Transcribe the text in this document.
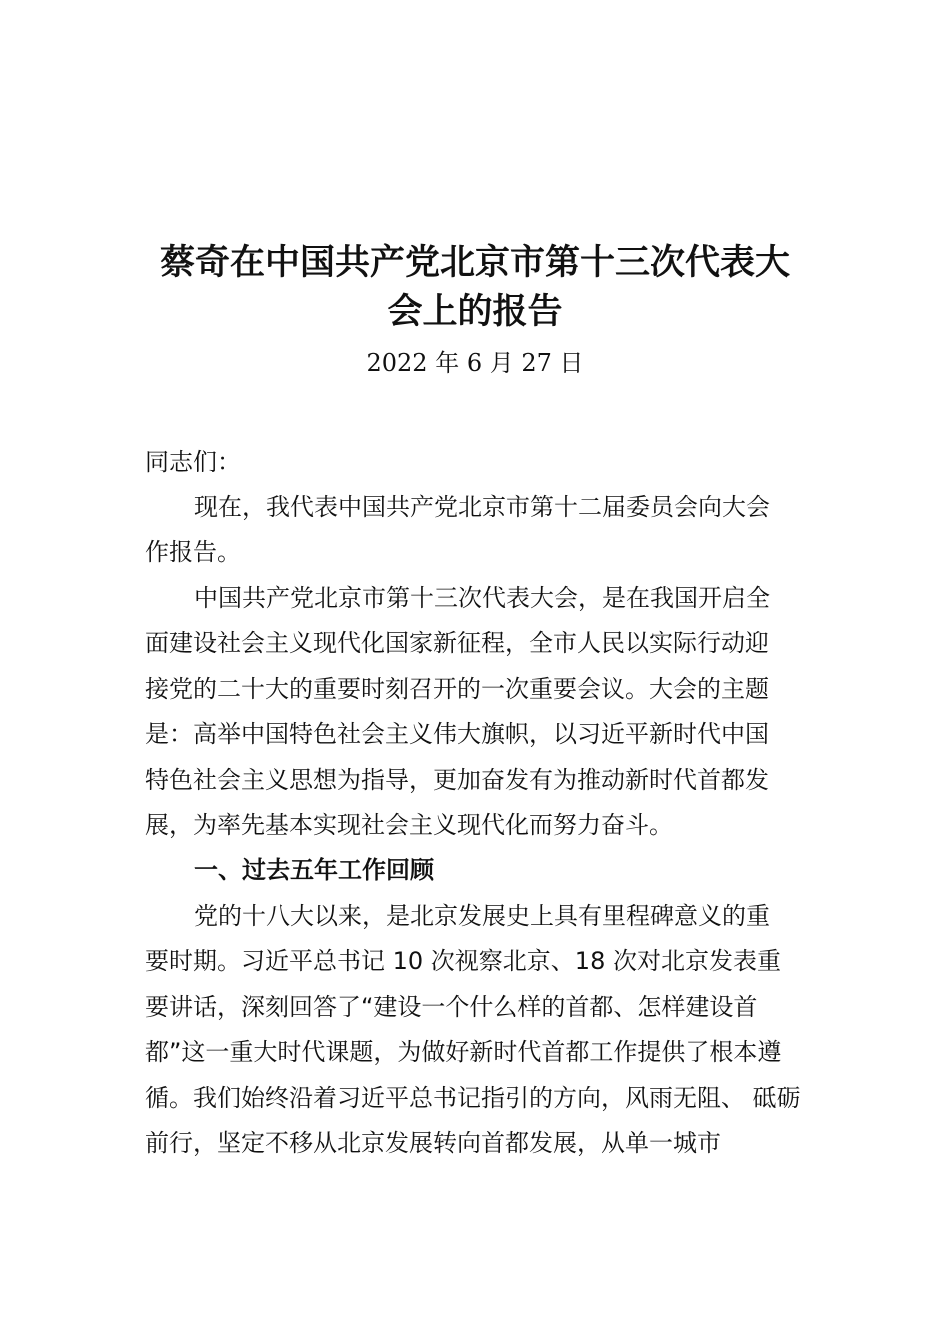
蔡奇在中国共产党北京市第十三次代表大
会上的报告
2022 年 6 月 27 日
同志们：
现在，我代表中国共产党北京市第十二届委员会向大会
作报告。
中国共产党北京市第十三次代表大会，是在我国开启全
面建设社会主义现代化国家新征程，全市人民以实际行动迎
接党的二十大的重要时刻召开的一次重要会议。大会的主题
是：高举中国特色社会主义伟大旗帜，以习近平新时代中国
特色社会主义思想为指导，更加奋发有为推动新时代首都发
展，为率先基本实现社会主义现代化而努力奋斗。
一、过去五年工作回顾
党的十八大以来，是北京发展史上具有里程碑意义的重
要时期。习近平总书记 10 次视察北京、18 次对北京发表重
要讲话，深刻回答了“建设一个什么样的首都、怎样建设首
都”这一重大时代课题，为做好新时代首都工作提供了根本遵
循。我们始终沿着习近平总书记指引的方向，风雨无阻、 砥砺
前行，坚定不移从北京发展转向首都发展，从单一城市
